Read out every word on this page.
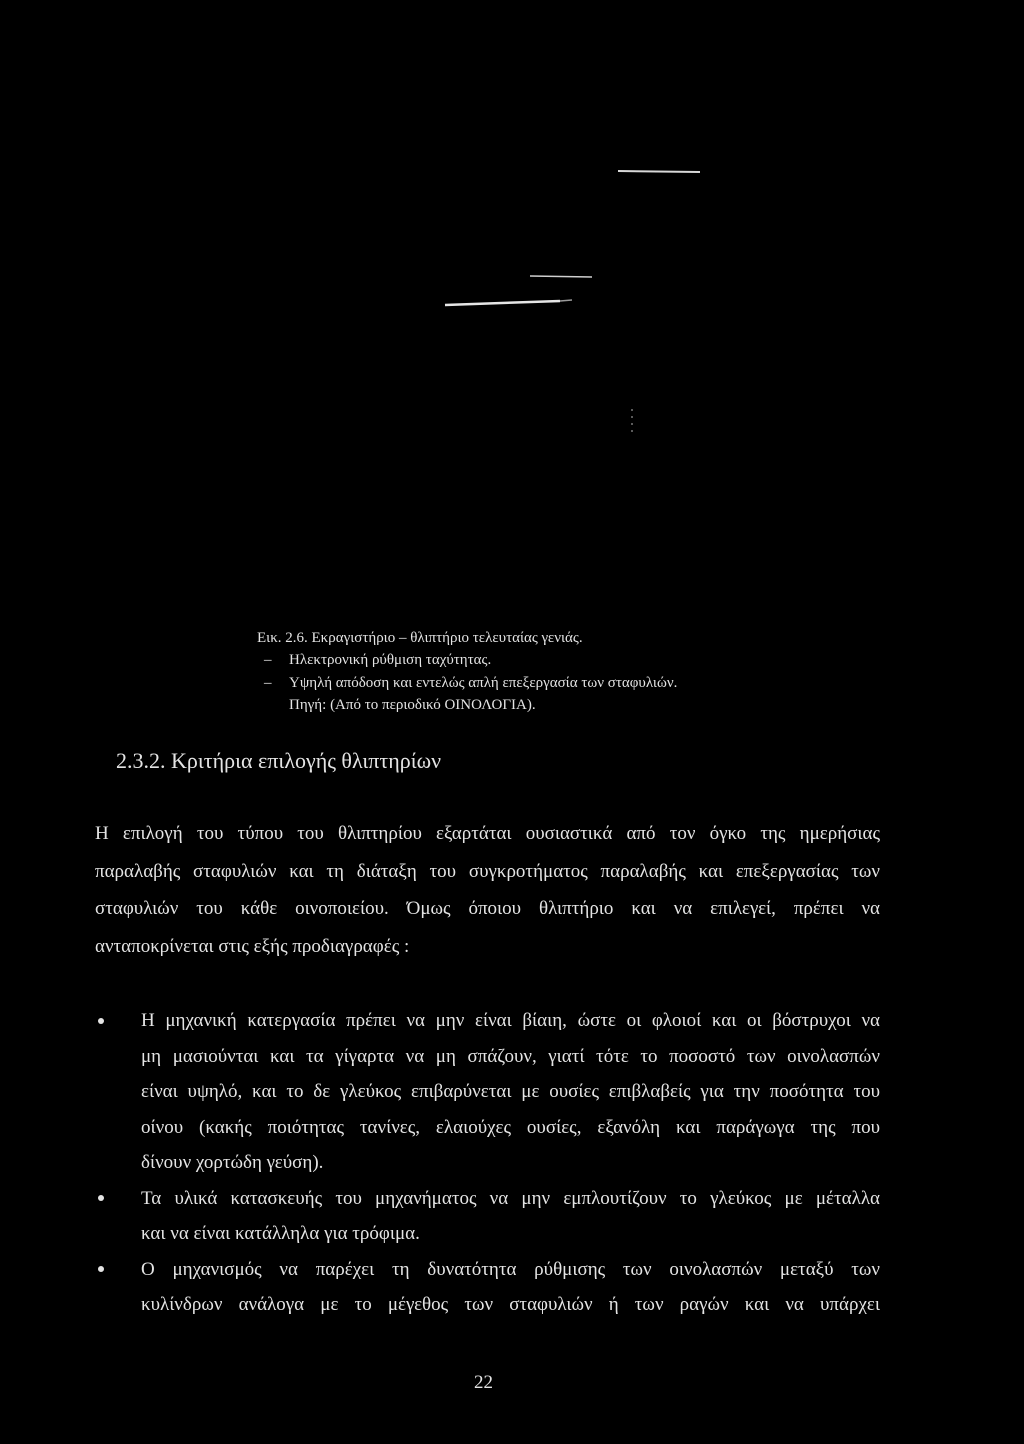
Εικ. 2.6. Εκραγιστήριο – θλιπτήριο τελευταίας γενιάς.
–	Ηλεκτρονική ρύθμιση ταχύτητας.
–	Υψηλή απόδοση και εντελώς απλή επεξεργασία των σταφυλιών.
Πηγή: (Από το περιοδικό ΟΙΝΟΛΟΓΙΑ).
2.3.2. Κριτήρια επιλογής θλιπτηρίων
Η επιλογή του τύπου του θλιπτηρίου εξαρτάται ουσιαστικά από τον όγκο της ημερήσιας
παραλαβής σταφυλιών και τη διάταξη του συγκροτήματος παραλαβής και επεξεργασίας των
σταφυλιών του κάθε οινοποιείου. Όμως όποιου θλιπτήριο και να επιλεγεί, πρέπει να
ανταποκρίνεται στις εξής προδιαγραφές :
Η μηχανική κατεργασία πρέπει να μην είναι βίαιη, ώστε οι φλοιοί και οι βόστρυχοι να
μη μασιούνται και τα γίγαρτα να μη σπάζουν, γιατί τότε το ποσοστό των οινολασπών
είναι υψηλό, και το δε γλεύκος επιβαρύνεται με ουσίες επιβλαβείς για την ποσότητα του
οίνου (κακής ποιότητας τανίνες, ελαιούχες ουσίες, εξανόλη και παράγωγα της που
δίνουν χορτώδη γεύση).
Τα υλικά κατασκευής του μηχανήματος να μην εμπλουτίζουν το γλεύκος με μέταλλα
και να είναι κατάλληλα για τρόφιμα.
Ο μηχανισμός να παρέχει τη δυνατότητα ρύθμισης των οινολασπών μεταξύ των
κυλίνδρων ανάλογα με το μέγεθος των σταφυλιών ή των ραγών και να υπάρχει
22
